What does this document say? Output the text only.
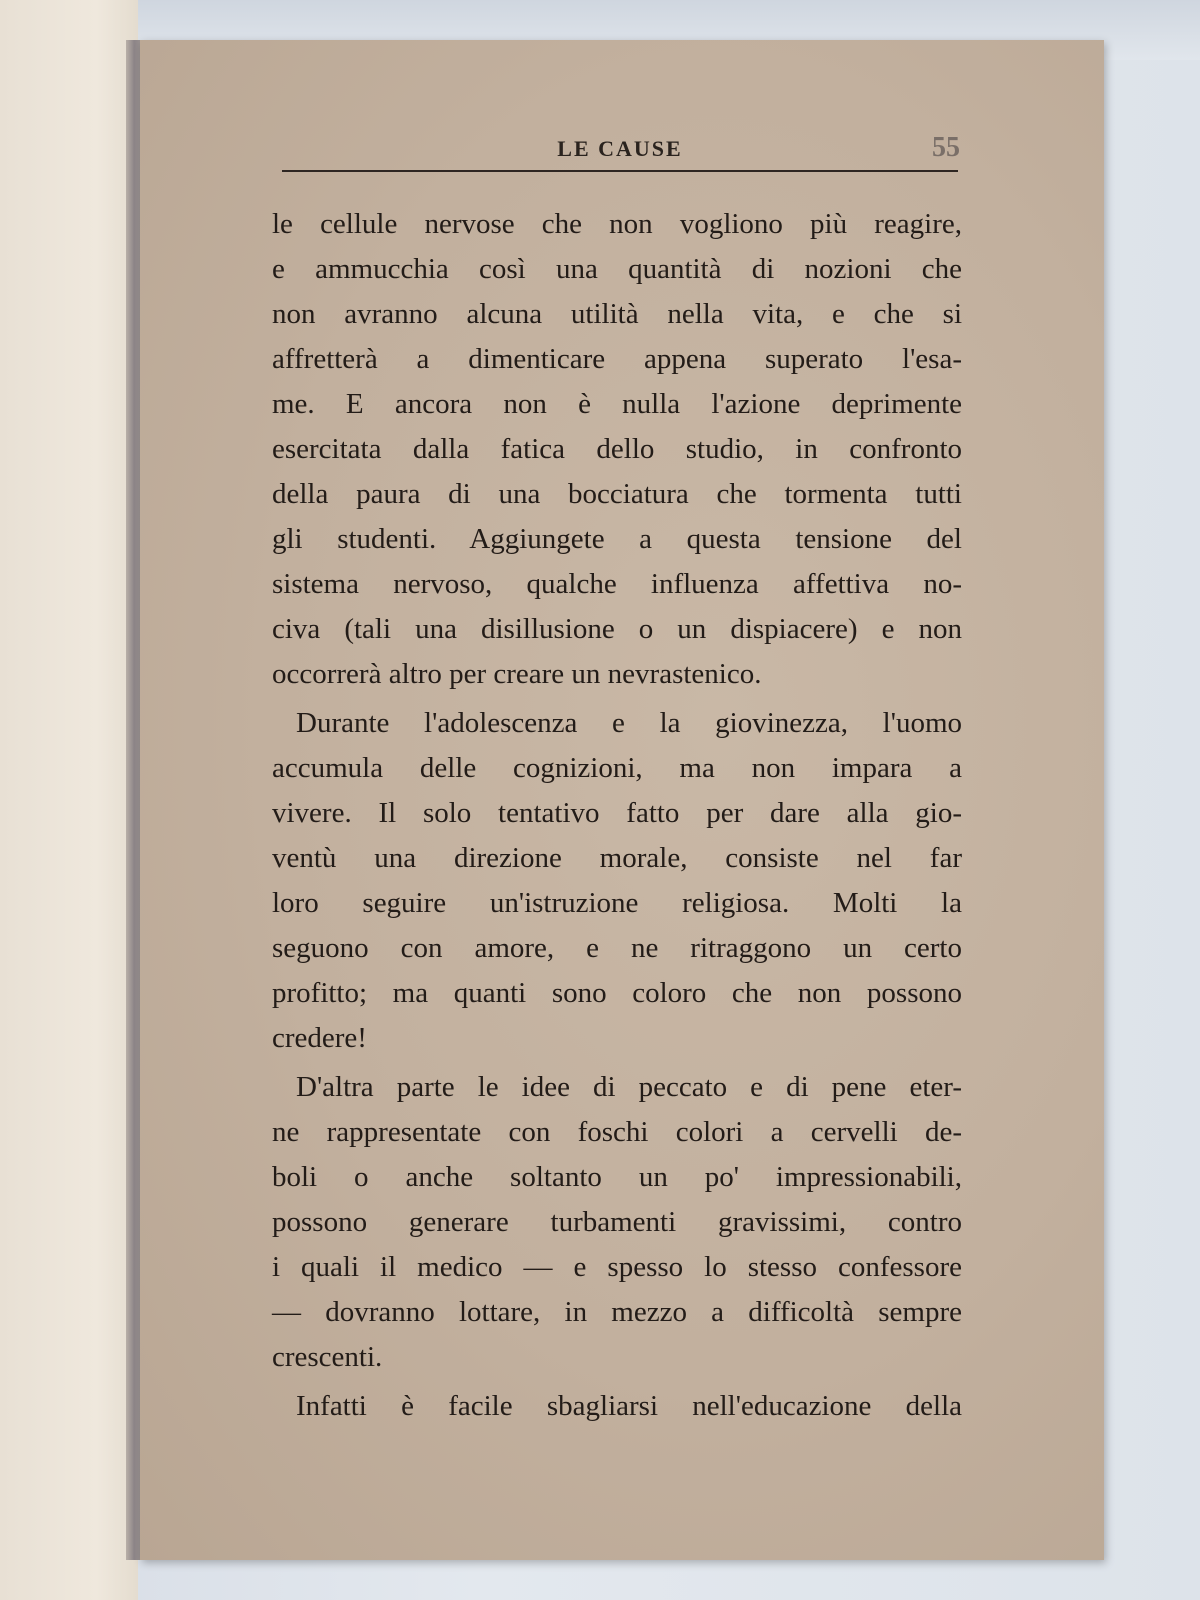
LE CAUSE	55
le cellule nervose che non vogliono più reagire,
e ammucchia così una quantità di nozioni che
non avranno alcuna utilità nella vita, e che si
affretterà a dimenticare appena superato l'esa-
me. E ancora non è nulla l'azione deprimente
esercitata dalla fatica dello studio, in confronto
della paura di una bocciatura che tormenta tutti
gli studenti. Aggiungete a questa tensione del
sistema nervoso, qualche influenza affettiva no-
civa (tali una disillusione o un dispiacere) e non
occorrerà altro per creare un nevrastenico.
Durante l'adolescenza e la giovinezza, l'uomo
accumula delle cognizioni, ma non impara a
vivere. Il solo tentativo fatto per dare alla gio-
ventù una direzione morale, consiste nel far
loro seguire un'istruzione religiosa. Molti la
seguono con amore, e ne ritraggono un certo
profitto; ma quanti sono coloro che non possono
credere!
D'altra parte le idee di peccato e di pene eter-
ne rappresentate con foschi colori a cervelli de-
boli o anche soltanto un po' impressionabili,
possono generare turbamenti gravissimi, contro
i quali il medico — e spesso lo stesso confessore
— dovranno lottare, in mezzo a difficoltà sempre
crescenti.
Infatti è facile sbagliarsi nell'educazione della
